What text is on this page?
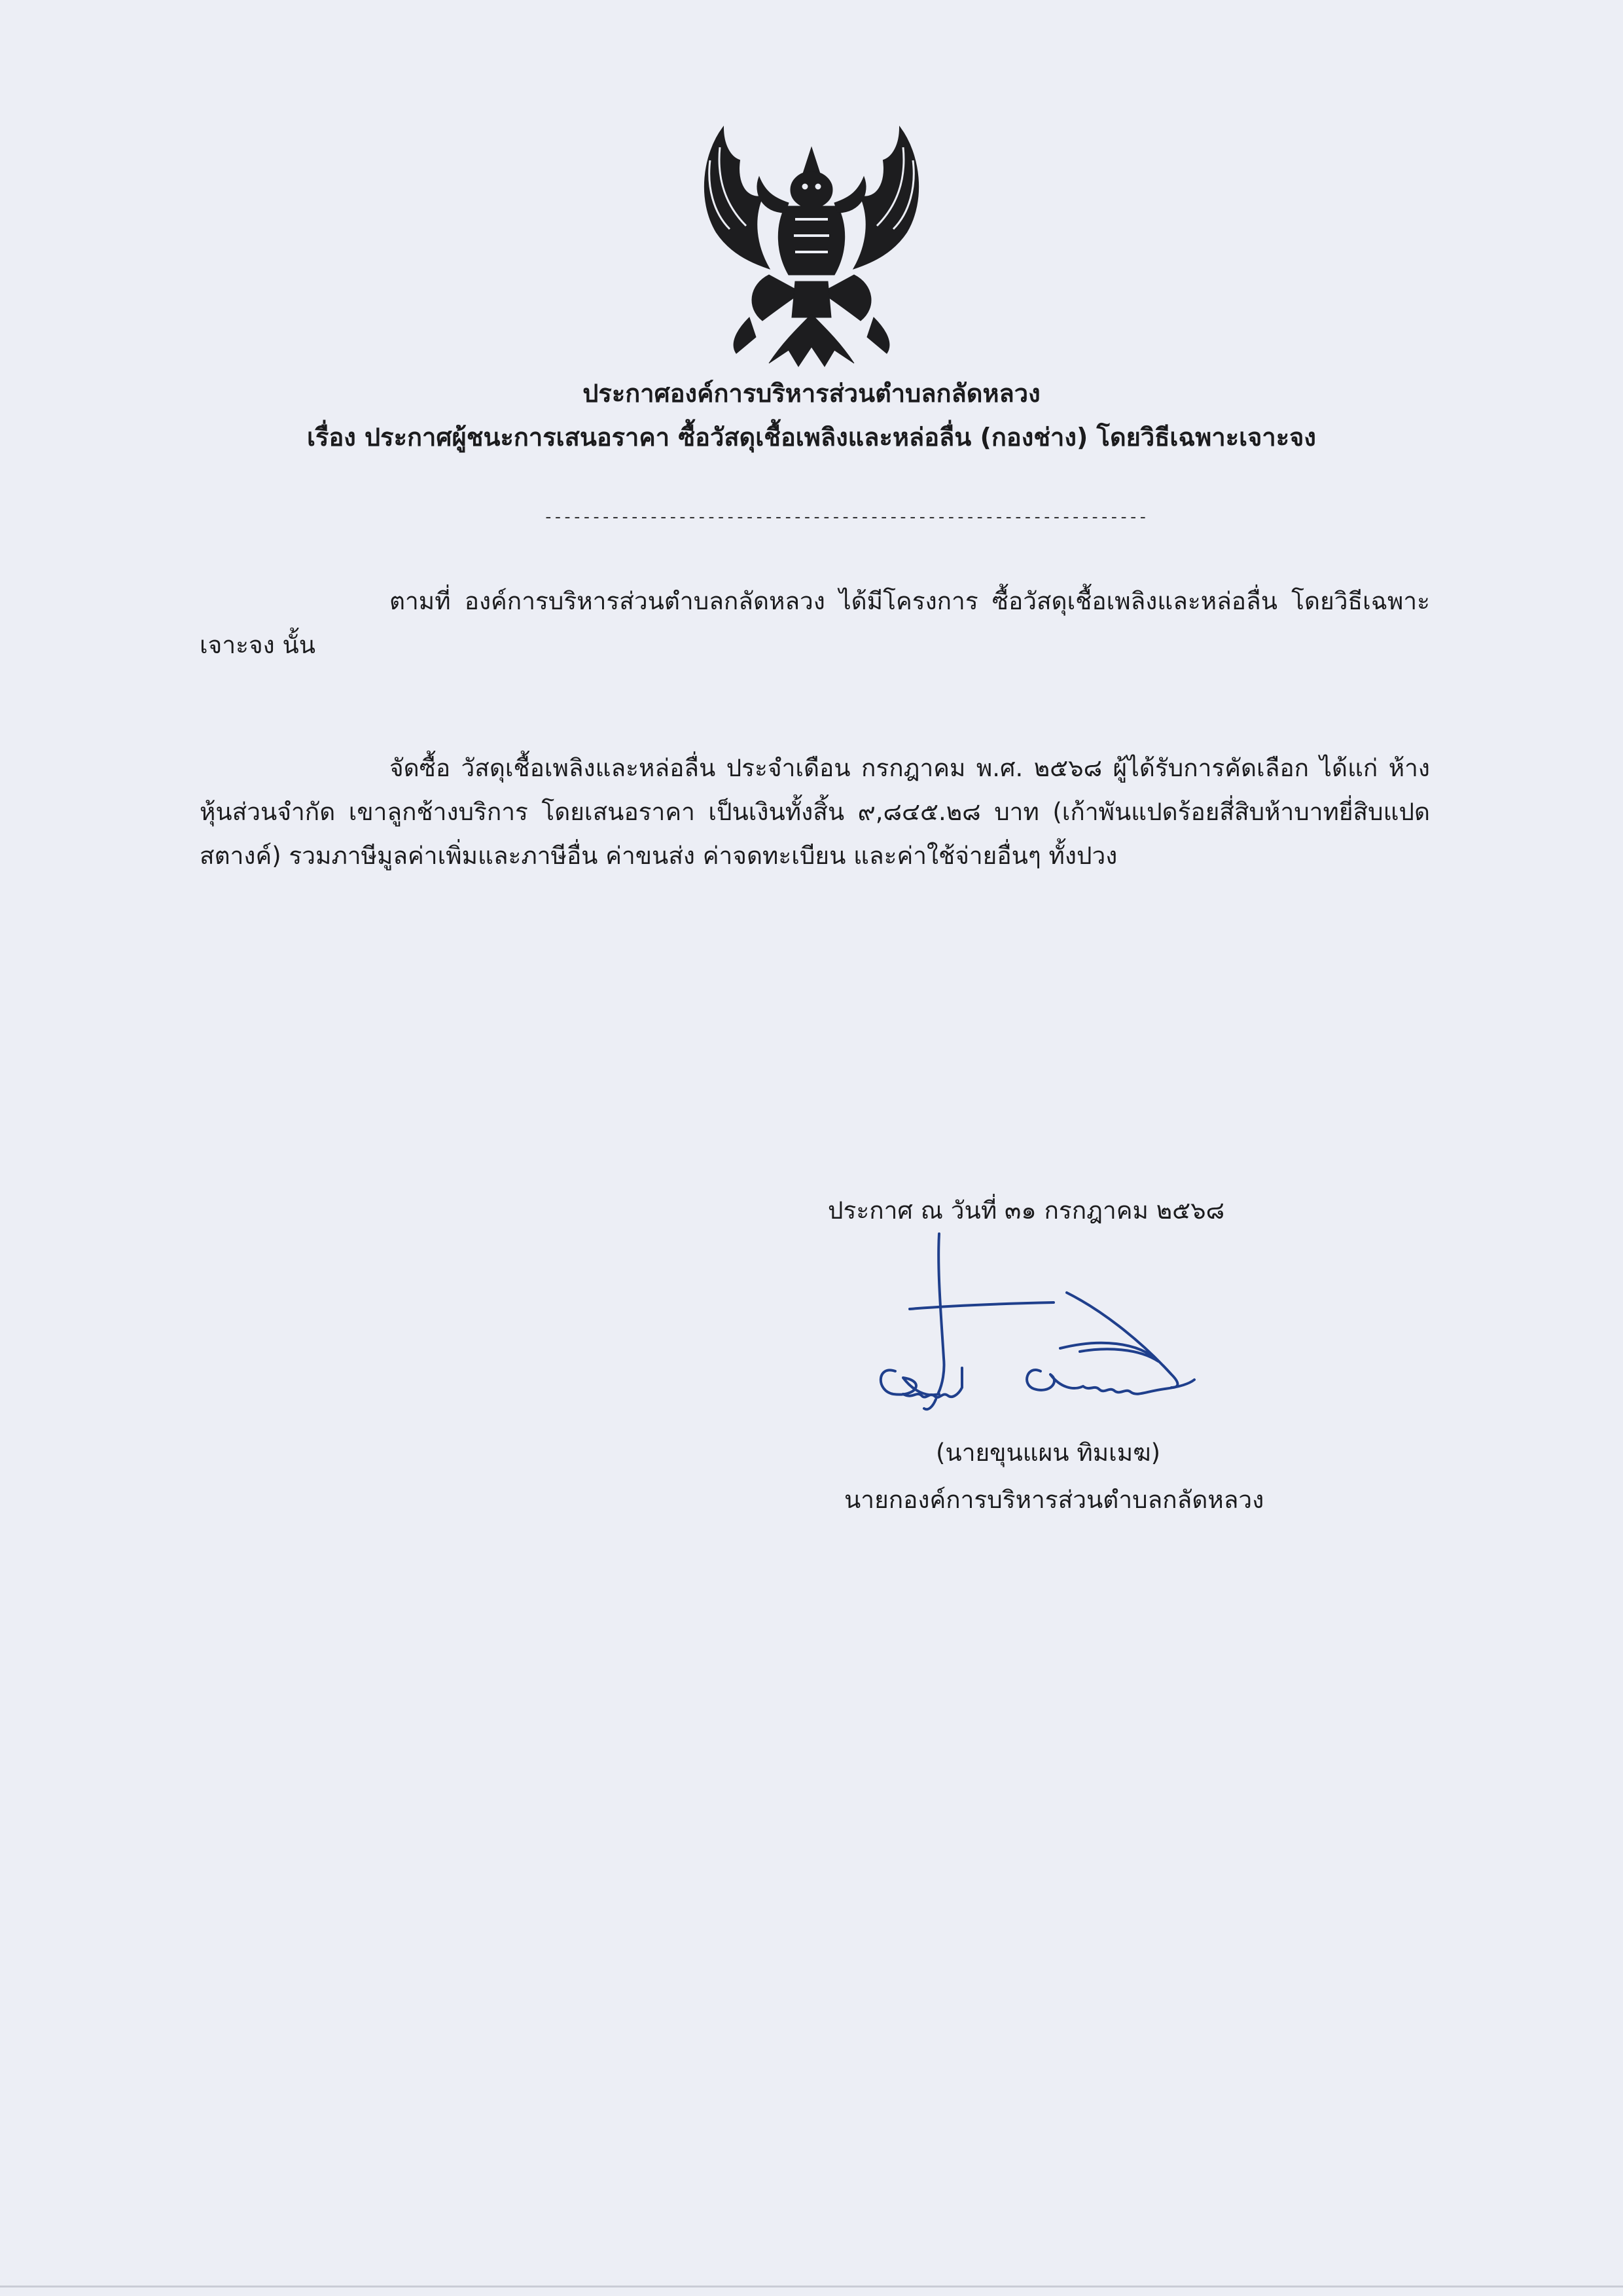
ประกาศองค์การบริหารส่วนตำบลกลัดหลวง
เรื่อง ประกาศผู้ชนะการเสนอราคา ซื้อวัสดุเชื้อเพลิงและหล่อลื่น (กองช่าง) โดยวิธีเฉพาะเจาะจง
---------------------------------------------------------------
ตามที่ องค์การบริหารส่วนตำบลกลัดหลวง ได้มีโครงการ ซื้อวัสดุเชื้อเพลิงและหล่อลื่น โดยวิธีเฉพาะเจาะจง นั้น
จัดซื้อ วัสดุเชื้อเพลิงและหล่อลื่น ประจำเดือน กรกฎาคม พ.ศ. ๒๕๖๘ ผู้ได้รับการคัดเลือก ได้แก่ ห้างหุ้นส่วนจำกัด เขาลูกช้างบริการ โดยเสนอราคา เป็นเงินทั้งสิ้น ๙,๘๔๕.๒๘ บาท (เก้าพันแปดร้อยสี่สิบห้าบาทยี่สิบแปดสตางค์) รวมภาษีมูลค่าเพิ่มและภาษีอื่น ค่าขนส่ง ค่าจดทะเบียน และค่าใช้จ่ายอื่นๆ ทั้งปวง
ประกาศ ณ วันที่ ๓๑ กรกฎาคม ๒๕๖๘
(นายขุนแผน ทิมเมฆ)
นายกองค์การบริหารส่วนตำบลกลัดหลวง
